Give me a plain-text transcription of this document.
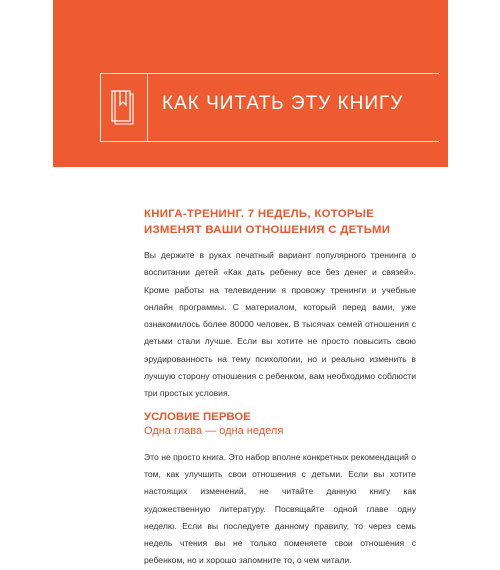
КАК ЧИТАТЬ ЭТУ КНИГУ

КНИГА-ТРЕНИНГ. 7 НЕДЕЛЬ, КОТОРЫЕ
ИЗМЕНЯТ ВАШИ ОТНОШЕНИЯ С ДЕТЬМИ

Вы держите в руках печатный вариант популярного тренинга о воспитании детей «Как дать ребенку все без денег и связей». Кроме работы на телевидении я провожу тренинги и учебные онлайн программы. С материалом, который перед вами, уже ознакомилось более 80000 человек. В тысячах семей отношения с детьми стали лучше. Если вы хотите не просто повысить свою эрудированность на тему психологии, но и реально изменить в лучшую сторону отношения с ребенком, вам необходимо соблюсти три простых условия.

УСЛОВИЕ ПЕРВОЕ

Одна глава — одна неделя

Это не просто книга. Это набор вполне конкретных рекомендаций о том, как улучшить свои отношения с детьми. Если вы хотите настоящих изменений, не читайте данную книгу как художественную литературу. Посвящайте одной главе одну неделю. Если вы последуете данному правилу, то через семь недель чтения вы не только поменяете свои отношения с ребенком, но и хорошо запомните то, о чем читали.
